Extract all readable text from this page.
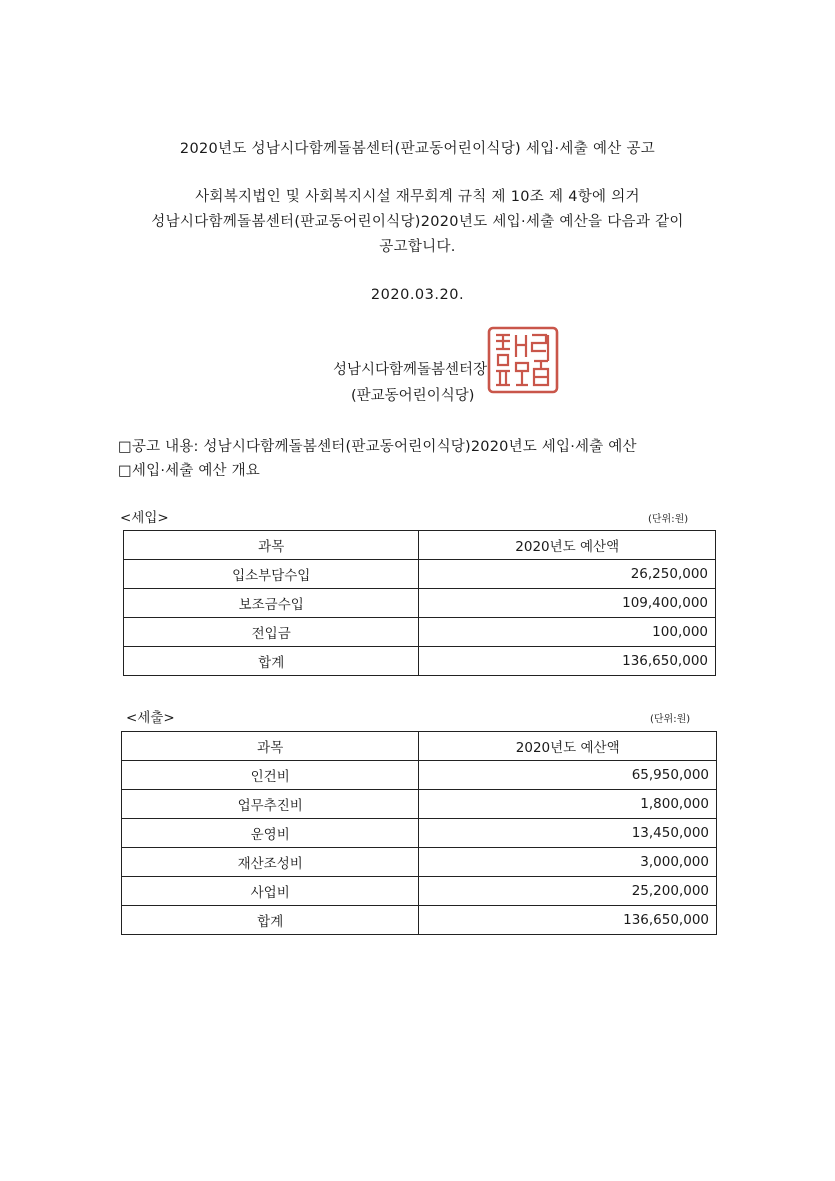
2020년도 성남시다함께돌봄센터(판교동어린이식당) 세입·세출 예산 공고
사회복지법인 및 사회복지시설 재무회계 규칙 제 10조 제 4항에 의거
성남시다함께돌봄센터(판교동어린이식당)2020년도 세입·세출 예산을 다음과 같이
공고합니다.
2020.03.20.
성남시다함께돌봄센터장
(판교동어린이식당)
□공고 내용: 성남시다함께돌봄센터(판교동어린이식당)2020년도 세입·세출 예산
□세입·세출 예산 개요
<세입>	(단위:원)
과목	2020년도 예산액
입소부담수입	26,250,000
보조금수입	109,400,000
전입금	100,000
합계	136,650,000
<세출>	(단위:원)
과목	2020년도 예산액
인건비	65,950,000
업무추진비	1,800,000
운영비	13,450,000
재산조성비	3,000,000
사업비	25,200,000
합계	136,650,000
